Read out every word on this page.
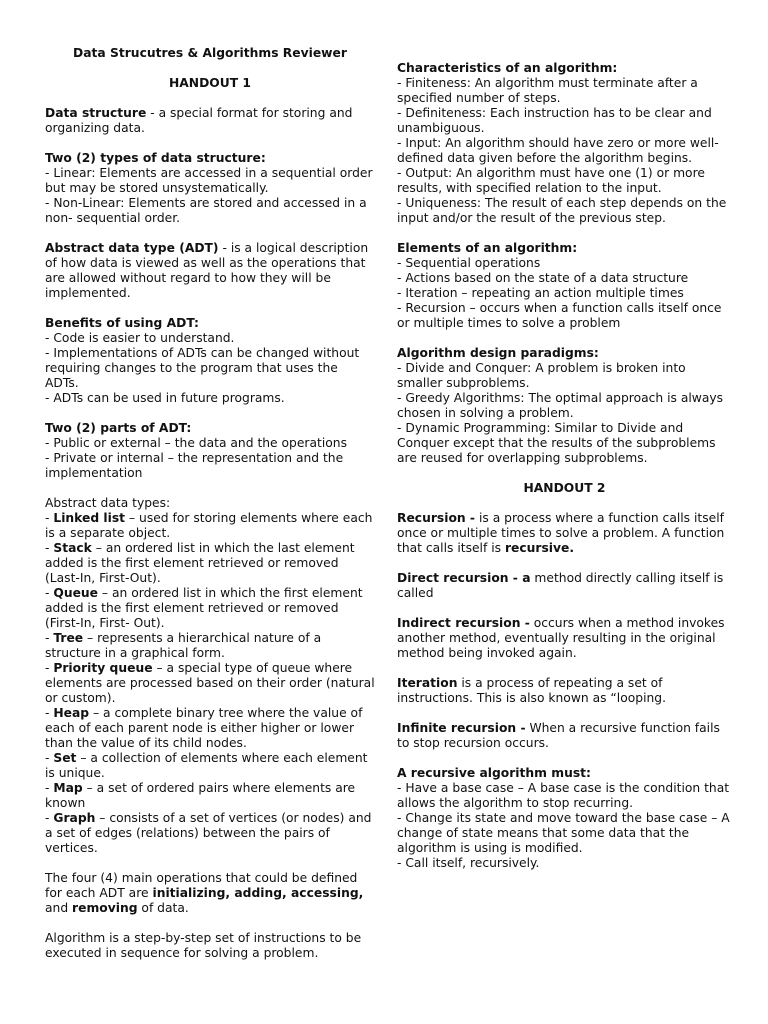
Data Strucutres & Algorithms Reviewer

HANDOUT 1

Data structure - a special format for storing and organizing data.

Two (2) types of data structure:

- Linear: Elements are accessed in a sequential order but may be stored unsystematically.

- Non-Linear: Elements are stored and accessed in a non- sequential order.

Abstract data type (ADT) - is a logical description of how data is viewed as well as the operations that are allowed without regard to how they will be implemented.

Benefits of using ADT:

- Code is easier to understand.

- Implementations of ADTs can be changed without requiring changes to the program that uses the ADTs.

- ADTs can be used in future programs.

Two (2) parts of ADT:

- Public or external – the data and the operations

- Private or internal – the representation and the implementation

Abstract data types:

- Linked list – used for storing elements where each is a separate object.

- Stack – an ordered list in which the last element added is the first element retrieved or removed (Last-In, First-Out).

- Queue – an ordered list in which the first element added is the first element retrieved or removed (First-In, First- Out).

- Tree – represents a hierarchical nature of a structure in a graphical form.

- Priority queue – a special type of queue where elements are processed based on their order (natural or custom).

- Heap – a complete binary tree where the value of each of each parent node is either higher or lower than the value of its child nodes.

- Set – a collection of elements where each element is unique.

- Map – a set of ordered pairs where elements are known

- Graph – consists of a set of vertices (or nodes) and a set of edges (relations) between the pairs of vertices.

The four (4) main operations that could be defined for each ADT are initializing, adding, accessing, and removing of data.

Algorithm is a step-by-step set of instructions to be executed in sequence for solving a problem.

Characteristics of an algorithm:

- Finiteness: An algorithm must terminate after a specified number of steps.

- Definiteness: Each instruction has to be clear and unambiguous.

- Input: An algorithm should have zero or more well-defined data given before the algorithm begins.

- Output: An algorithm must have one (1) or more results, with specified relation to the input.

- Uniqueness: The result of each step depends on the input and/or the result of the previous step.

Elements of an algorithm:

- Sequential operations

- Actions based on the state of a data structure

- Iteration – repeating an action multiple times

- Recursion – occurs when a function calls itself once or multiple times to solve a problem

Algorithm design paradigms:

- Divide and Conquer: A problem is broken into smaller subproblems.

- Greedy Algorithms: The optimal approach is always chosen in solving a problem.

- Dynamic Programming: Similar to Divide and Conquer except that the results of the subproblems are reused for overlapping subproblems.

HANDOUT 2

Recursion - is a process where a function calls itself once or multiple times to solve a problem. A function that calls itself is recursive.

Direct recursion - a method directly calling itself is called

Indirect recursion - occurs when a method invokes another method, eventually resulting in the original method being invoked again.

Iteration is a process of repeating a set of instructions. This is also known as “looping.

Infinite recursion - When a recursive function fails to stop recursion occurs.

A recursive algorithm must:

- Have a base case – A base case is the condition that allows the algorithm to stop recurring.

- Change its state and move toward the base case – A change of state means that some data that the algorithm is using is modified.

- Call itself, recursively.
